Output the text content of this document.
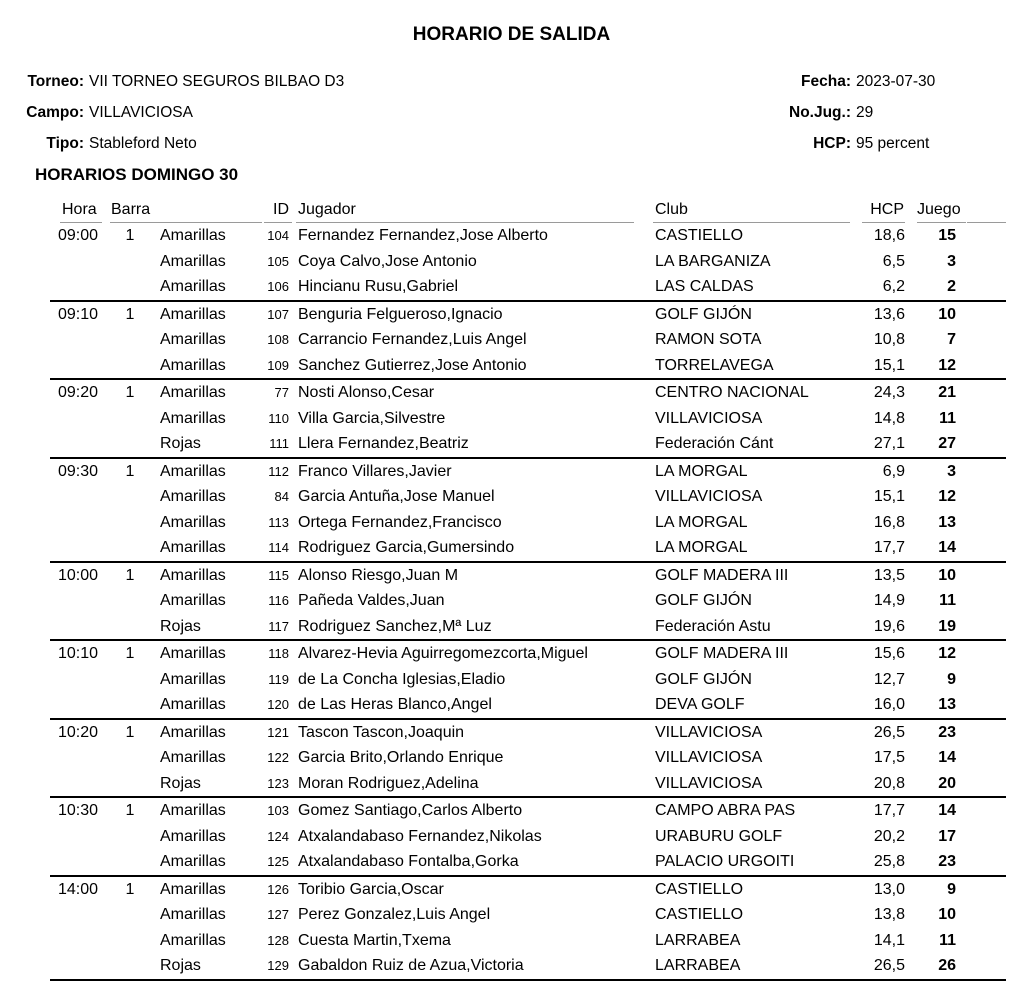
HORARIO DE SALIDA
Torneo: VII TORNEO SEGUROS BILBAO D3
Campo: VILLAVICIOSA
Tipo: Stableford Neto
Fecha: 2023-07-30
No.Jug.: 29
HCP: 95 percent
HORARIOS DOMINGO 30
Hora Barra	ID Jugador	Club	HCP Juego
09:00	1	Amarillas	104 Fernandez Fernandez,Jose Alberto	CASTIELLO	18,6	15
Amarillas	105 Coya Calvo,Jose Antonio	LA BARGANIZA	6,5	3
Amarillas	106 Hincianu Rusu,Gabriel	LAS CALDAS	6,2	2
09:10	1	Amarillas	107 Benguria Felgueroso,Ignacio	GOLF GIJÓN	13,6	10
Amarillas	108 Carrancio Fernandez,Luis Angel	RAMON SOTA	10,8	7
Amarillas	109 Sanchez Gutierrez,Jose Antonio	TORRELAVEGA	15,1	12
09:20	1	Amarillas	77 Nosti Alonso,Cesar	CENTRO NACIONAL	24,3	21
Amarillas	110 Villa Garcia,Silvestre	VILLAVICIOSA	14,8	11
Rojas	111 Llera Fernandez,Beatriz	Federación Cánt	27,1	27
09:30	1	Amarillas	112 Franco Villares,Javier	LA MORGAL	6,9	3
Amarillas	84 Garcia Antuña,Jose Manuel	VILLAVICIOSA	15,1	12
Amarillas	113 Ortega Fernandez,Francisco	LA MORGAL	16,8	13
Amarillas	114 Rodriguez Garcia,Gumersindo	LA MORGAL	17,7	14
10:00	1	Amarillas	115 Alonso Riesgo,Juan M	GOLF MADERA III	13,5	10
Amarillas	116 Pañeda Valdes,Juan	GOLF GIJÓN	14,9	11
Rojas	117 Rodriguez Sanchez,Mª Luz	Federación Astu	19,6	19
10:10	1	Amarillas	118 Alvarez-Hevia Aguirregomezcorta,Miguel	GOLF MADERA III	15,6	12
Amarillas	119 de La Concha Iglesias,Eladio	GOLF GIJÓN	12,7	9
Amarillas	120 de Las Heras Blanco,Angel	DEVA GOLF	16,0	13
10:20	1	Amarillas	121 Tascon Tascon,Joaquin	VILLAVICIOSA	26,5	23
Amarillas	122 Garcia Brito,Orlando Enrique	VILLAVICIOSA	17,5	14
Rojas	123 Moran Rodriguez,Adelina	VILLAVICIOSA	20,8	20
10:30	1	Amarillas	103 Gomez Santiago,Carlos Alberto	CAMPO ABRA PAS	17,7	14
Amarillas	124 Atxalandabaso Fernandez,Nikolas	URABURU GOLF	20,2	17
Amarillas	125 Atxalandabaso Fontalba,Gorka	PALACIO URGOITI	25,8	23
14:00	1	Amarillas	126 Toribio Garcia,Oscar	CASTIELLO	13,0	9
Amarillas	127 Perez Gonzalez,Luis Angel	CASTIELLO	13,8	10
Amarillas	128 Cuesta Martin,Txema	LARRABEA	14,1	11
Rojas	129 Gabaldon Ruiz de Azua,Victoria	LARRABEA	26,5	26
